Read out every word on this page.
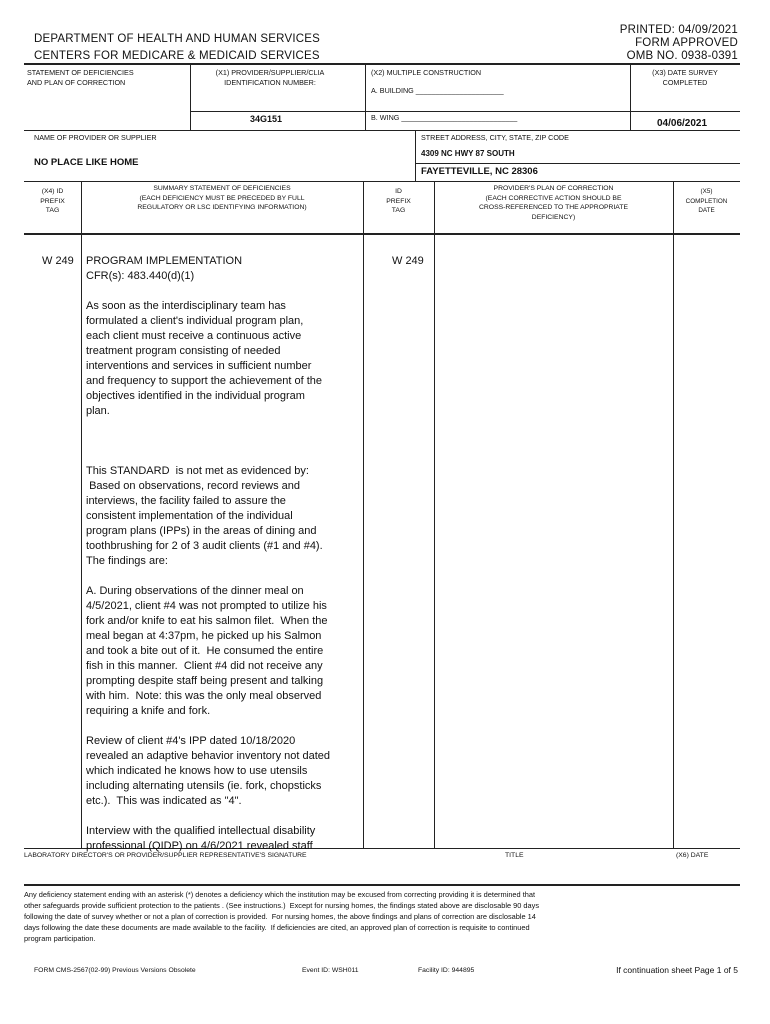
DEPARTMENT OF HEALTH AND HUMAN SERVICES
CENTERS FOR MEDICARE & MEDICAID SERVICES
PRINTED: 04/09/2021
FORM APPROVED
OMB NO. 0938-0391
STATEMENT OF DEFICIENCIES
AND PLAN OF CORRECTION
(X1) PROVIDER/SUPPLIER/CLIA
IDENTIFICATION NUMBER:
34G151
(X2) MULTIPLE CONSTRUCTION
A. BUILDING ______________________
B. WING _____________________________
(X3) DATE SURVEY
COMPLETED
04/06/2021
NAME OF PROVIDER OR SUPPLIER
NO PLACE LIKE HOME
STREET ADDRESS, CITY, STATE, ZIP CODE
4309 NC HWY 87 SOUTH
FAYETTEVILLE, NC 28306
(X4) ID
PREFIX
TAG
SUMMARY STATEMENT OF DEFICIENCIES
(EACH DEFICIENCY MUST BE PRECEDED BY FULL
REGULATORY OR LSC IDENTIFYING INFORMATION)
ID
PREFIX
TAG
PROVIDER'S PLAN OF CORRECTION
(EACH CORRECTIVE ACTION SHOULD BE
CROSS-REFERENCED TO THE APPROPRIATE
DEFICIENCY)
(X5)
COMPLETION
DATE
W 249	W 249
PROGRAM IMPLEMENTATION
CFR(s): 483.440(d)(1)

As soon as the interdisciplinary team has
formulated a client's individual program plan,
each client must receive a continuous active
treatment program consisting of needed
interventions and services in sufficient number
and frequency to support the achievement of the
objectives identified in the individual program
plan.

This STANDARD  is not met as evidenced by:
Based on observations, record reviews and
interviews, the facility failed to assure the
consistent implementation of the individual
program plans (IPPs) in the areas of dining and
toothbrushing for 2 of 3 audit clients (#1 and #4).
The findings are:

A. During observations of the dinner meal on
4/5/2021, client #4 was not prompted to utilize his
fork and/or knife to eat his salmon filet.  When the
meal began at 4:37pm, he picked up his Salmon
and took a bite out of it.  He consumed the entire
fish in this manner.  Client #4 did not receive any
prompting despite staff being present and talking
with him.  Note: this was the only meal observed
requiring a knife and fork.

Review of client #4's IPP dated 10/18/2020
revealed an adaptive behavior inventory not dated
which indicated he knows how to use utensils
including alternating utensils (ie. fork, chopsticks
etc.).  This was indicated as "4".

Interview with the qualified intellectual disability
professional (QIDP) on 4/6/2021 revealed staff

LABORATORY DIRECTOR'S OR PROVIDER/SUPPLIER REPRESENTATIVE'S SIGNATURE	TITLE	(X6) DATE
Any deficiency statement ending with an asterisk (*) denotes a deficiency which the institution may be excused from correcting providing it is determined that
other safeguards provide sufficient protection to the patients . (See instructions.)  Except for nursing homes, the findings stated above are disclosable 90 days
following the date of survey whether or not a plan of correction is provided.  For nursing homes, the above findings and plans of correction are disclosable 14
days following the date these documents are made available to the facility.  If deficiencies are cited, an approved plan of correction is requisite to continued
program participation.
FORM CMS-2567(02-99) Previous Versions Obsolete	Event ID: WSH011	Facility ID: 944895	If continuation sheet Page 1 of 5
